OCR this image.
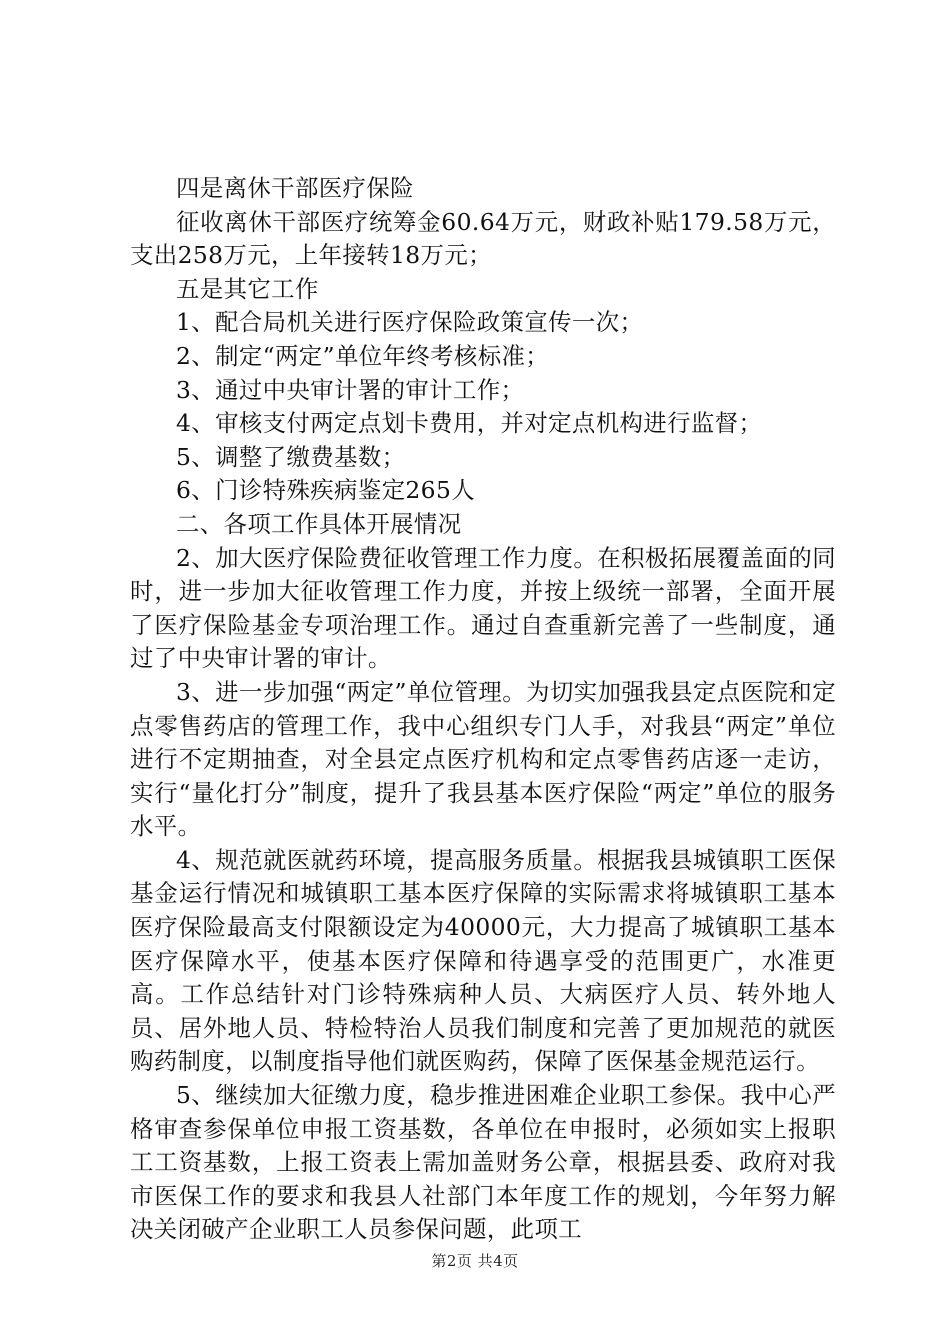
四是离休干部医疗保险

征收离休干部医疗统筹金60.64万元，财政补贴179.58万元，支出258万元，上年接转18万元；

五是其它工作

1、配合局机关进行医疗保险政策宣传一次；

2、制定“两定”单位年终考核标准；

3、通过中央审计署的审计工作；

4、审核支付两定点划卡费用，并对定点机构进行监督；

5、调整了缴费基数；

6、门诊特殊疾病鉴定265人

二、各项工作具体开展情况

2、加大医疗保险费征收管理工作力度。在积极拓展覆盖面的同时，进一步加大征收管理工作力度，并按上级统一部署，全面开展了医疗保险基金专项治理工作。通过自查重新完善了一些制度，通过了中央审计署的审计。

3、进一步加强“两定”单位管理。为切实加强我县定点医院和定点零售药店的管理工作，我中心组织专门人手，对我县“两定”单位进行不定期抽查，对全县定点医疗机构和定点零售药店逐一走访，实行“量化打分”制度，提升了我县基本医疗保险“两定”单位的服务水平。

4、规范就医就药环境，提高服务质量。根据我县城镇职工医保基金运行情况和城镇职工基本医疗保障的实际需求将城镇职工基本医疗保险最高支付限额设定为40000元，大力提高了城镇职工基本医疗保障水平，使基本医疗保障和待遇享受的范围更广，水准更高。工作总结针对门诊特殊病种人员、大病医疗人员、转外地人员、居外地人员、特检特治人员我们制度和完善了更加规范的就医购药制度，以制度指导他们就医购药，保障了医保基金规范运行。

5、继续加大征缴力度，稳步推进困难企业职工参保。我中心严格审查参保单位申报工资基数，各单位在申报时，必须如实上报职工工资基数，上报工资表上需加盖财务公章，根据县委、政府对我市医保工作的要求和我县人社部门本年度工作的规划，今年努力解决关闭破产企业职工人员参保问题，此项工

第2页 共4页
